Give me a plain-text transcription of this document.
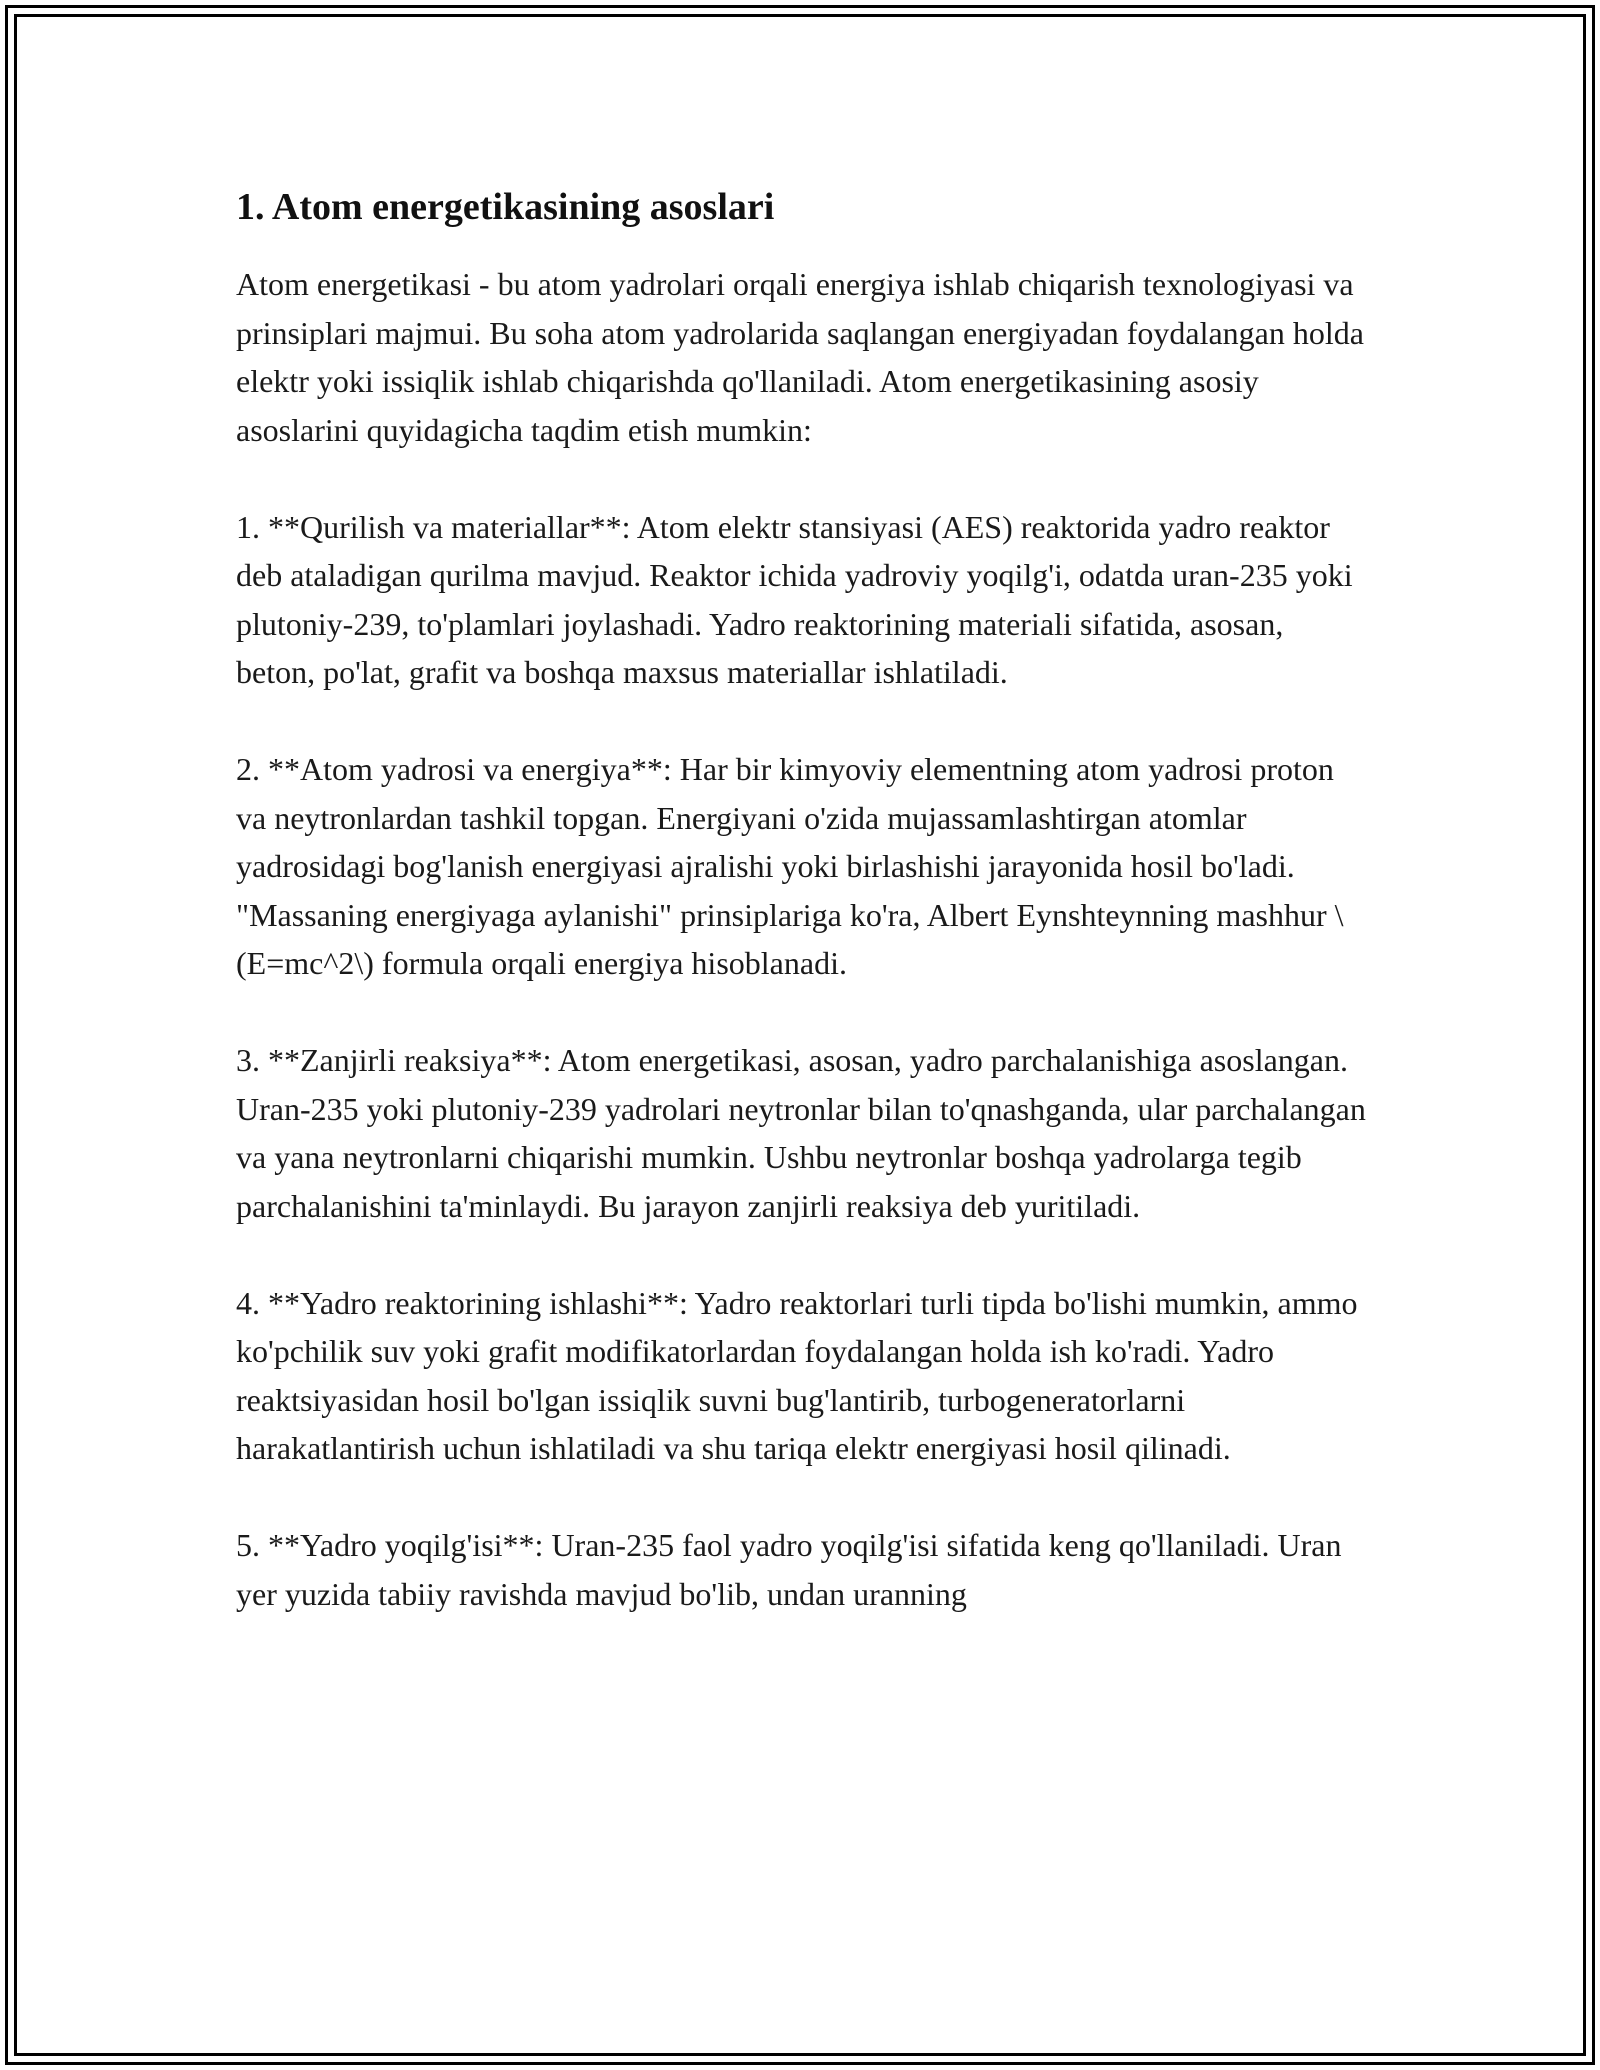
1. Atom energetikasining asoslari

Atom energetikasi - bu atom yadrolari orqali energiya ishlab chiqarish texnologiyasi va prinsiplari majmui. Bu soha atom yadrolarida saqlangan energiyadan foydalangan holda elektr yoki issiqlik ishlab chiqarishda qo'llaniladi. Atom energetikasining asosiy asoslarini quyidagicha taqdim etish mumkin:

1. **Qurilish va materiallar**: Atom elektr stansiyasi (AES) reaktorida yadro reaktor deb ataladigan qurilma mavjud. Reaktor ichida yadroviy yoqilg'i, odatda uran-235 yoki plutoniy-239, to'plamlari joylashadi. Yadro reaktorining materiali sifatida, asosan, beton, po'lat, grafit va boshqa maxsus materiallar ishlatiladi.

2. **Atom yadrosi va energiya**: Har bir kimyoviy elementning atom yadrosi proton va neytronlardan tashkil topgan. Energiyani o'zida mujassamlashtirgan atomlar yadrosidagi bog'lanish energiyasi ajralishi yoki birlashishi jarayonida hosil bo'ladi. "Massaning energiyaga aylanishi" prinsiplariga ko'ra, Albert Eynshteynning mashhur \(E=mc^2\) formula orqali energiya hisoblanadi.

3. **Zanjirli reaksiya**: Atom energetikasi, asosan, yadro parchalanishiga asoslangan. Uran-235 yoki plutoniy-239 yadrolari neytronlar bilan to'qnashganda, ular parchalangan va yana neytronlarni chiqarishi mumkin. Ushbu neytronlar boshqa yadrolarga tegib parchalanishini ta'minlaydi. Bu jarayon zanjirli reaksiya deb yuritiladi.

4. **Yadro reaktorining ishlashi**: Yadro reaktorlari turli tipda bo'lishi mumkin, ammo ko'pchilik suv yoki grafit modifikatorlardan foydalangan holda ish ko'radi. Yadro reaktsiyasidan hosil bo'lgan issiqlik suvni bug'lantirib, turbogeneratorlarni harakatlantirish uchun ishlatiladi va shu tariqa elektr energiyasi hosil qilinadi.

5. **Yadro yoqilg'isi**: Uran-235 faol yadro yoqilg'isi sifatida keng qo'llaniladi. Uran yer yuzida tabiiy ravishda mavjud bo'lib, undan uranning
